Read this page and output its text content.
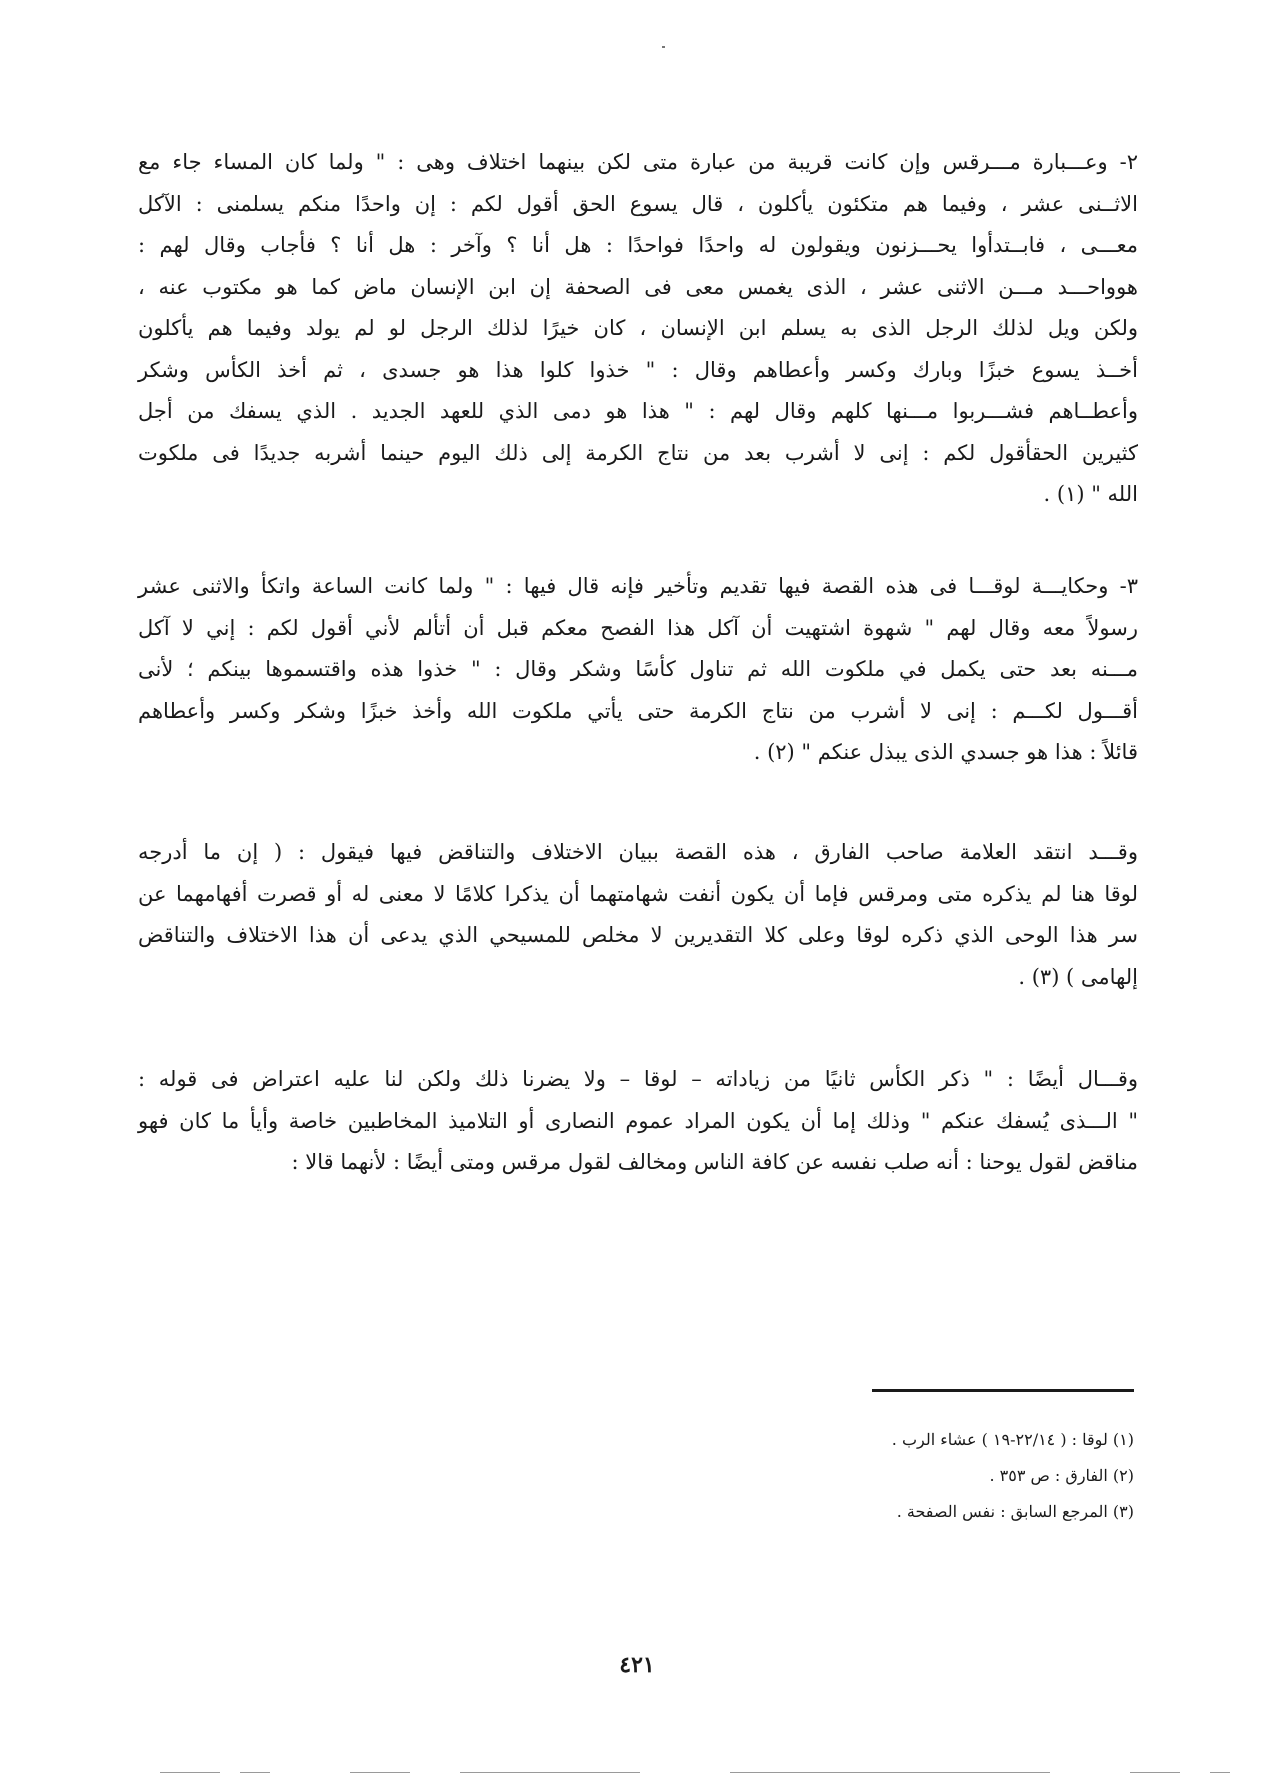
٢- وعـــبارة مـــرقس وإن كانت قريبة من عبارة متى لكن بينهما اختلاف وهى : " ولما كان المساء جاء مع
الاثــنى عشر ، وفيما هم متكئون يأكلون ، قال يسوع الحق أقول لكم : إن واحدًا منكم يسلمنى : الآكل
معـــى ، فابــتدأوا يحـــزنون ويقولون له واحدًا فواحدًا : هل أنا ؟ وآخر : هل أنا ؟ فأجاب وقال لهم :
هوواحـــد مـــن الاثنى عشر ، الذى يغمس معى فى الصحفة إن ابن الإنسان ماض كما هو مكتوب عنه ،
ولكن ويل لذلك الرجل الذى به يسلم ابن الإنسان ، كان خيرًا لذلك الرجل لو لم يولد وفيما هم يأكلون
أخــذ يسوع خبزًا وبارك وكسر وأعطاهم وقال : " خذوا كلوا هذا هو جسدى ، ثم أخذ الكأس وشكر
وأعطــاهم فشـــربوا مـــنها كلهم وقال لهم : " هذا هو دمى الذي للعهد الجديد . الذي يسفك من أجل
كثيرين الحقأقول لكم : إنى لا أشرب بعد من نتاج الكرمة إلى ذلك اليوم حينما أشربه جديدًا فى ملكوت
الله " (١) .
٣- وحكايـــة لوقـــا فى هذه القصة فيها تقديم وتأخير فإنه قال فيها : " ولما كانت الساعة واتكأ والاثنى عشر
رسولاً معه وقال لهم " شهوة اشتهيت أن آكل هذا الفصح معكم قبل أن أتألم لأني أقول لكم : إني لا آكل
مـــنه بعد حتى يكمل في ملكوت الله ثم تناول كأسًا وشكر وقال : " خذوا هذه واقتسموها بينكم ؛ لأنى
أقـــول لكـــم : إنى لا أشرب من نتاج الكرمة حتى يأتي ملكوت الله وأخذ خبزًا وشكر وكسر وأعطاهم
قائلاً : هذا هو جسدي الذى يبذل عنكم " (٢) .
وقـــد انتقد العلامة صاحب الفارق ، هذه القصة ببيان الاختلاف والتناقض فيها فيقول : ( إن ما أدرجه
لوقا هنا لم يذكره متى ومرقس فإما أن يكون أنفت شهامتهما أن يذكرا كلامًا لا معنى له أو قصرت أفهامهما عن
سر هذا الوحى الذي ذكره لوقا وعلى كلا التقديرين لا مخلص للمسيحي الذي يدعى أن هذا الاختلاف والتناقض
إلهامى ) (٣) .
وقـــال أيضًا : " ذكر الكأس ثانيًا من زياداته – لوقا – ولا يضرنا ذلك ولكن لنا عليه اعتراض فى قوله :
" الـــذى يُسفك عنكم " وذلك إما أن يكون المراد عموم النصارى أو التلاميذ المخاطبين خاصة وأيأ ما كان فهو
مناقض لقول يوحنا : أنه صلب نفسه عن كافة الناس ومخالف لقول مرقس ومتى أيضًا : لأنهما قالا :
(١) لوقا : ( ٢٢/١٤-١٩ ) عشاء الرب .
(٢) الفارق : ص ٣٥٣ .
(٣) المرجع السابق : نفس الصفحة .
٤٢١
